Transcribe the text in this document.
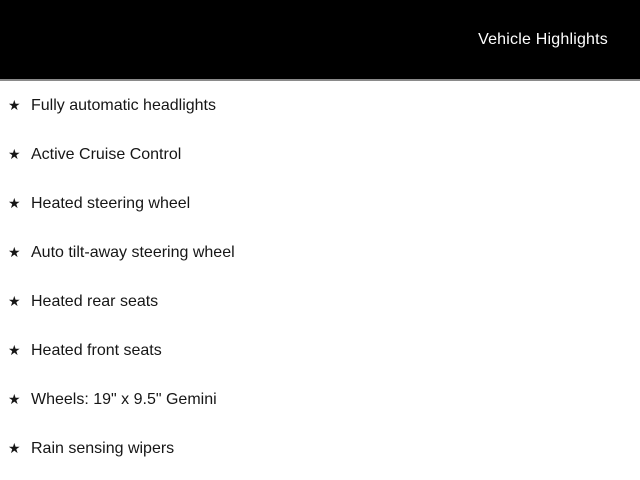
Vehicle Highlights
★ Fully automatic headlights
★ Active Cruise Control
★ Heated steering wheel
★ Auto tilt-away steering wheel
★ Heated rear seats
★ Heated front seats
★ Wheels: 19" x 9.5" Gemini
★ Rain sensing wipers
